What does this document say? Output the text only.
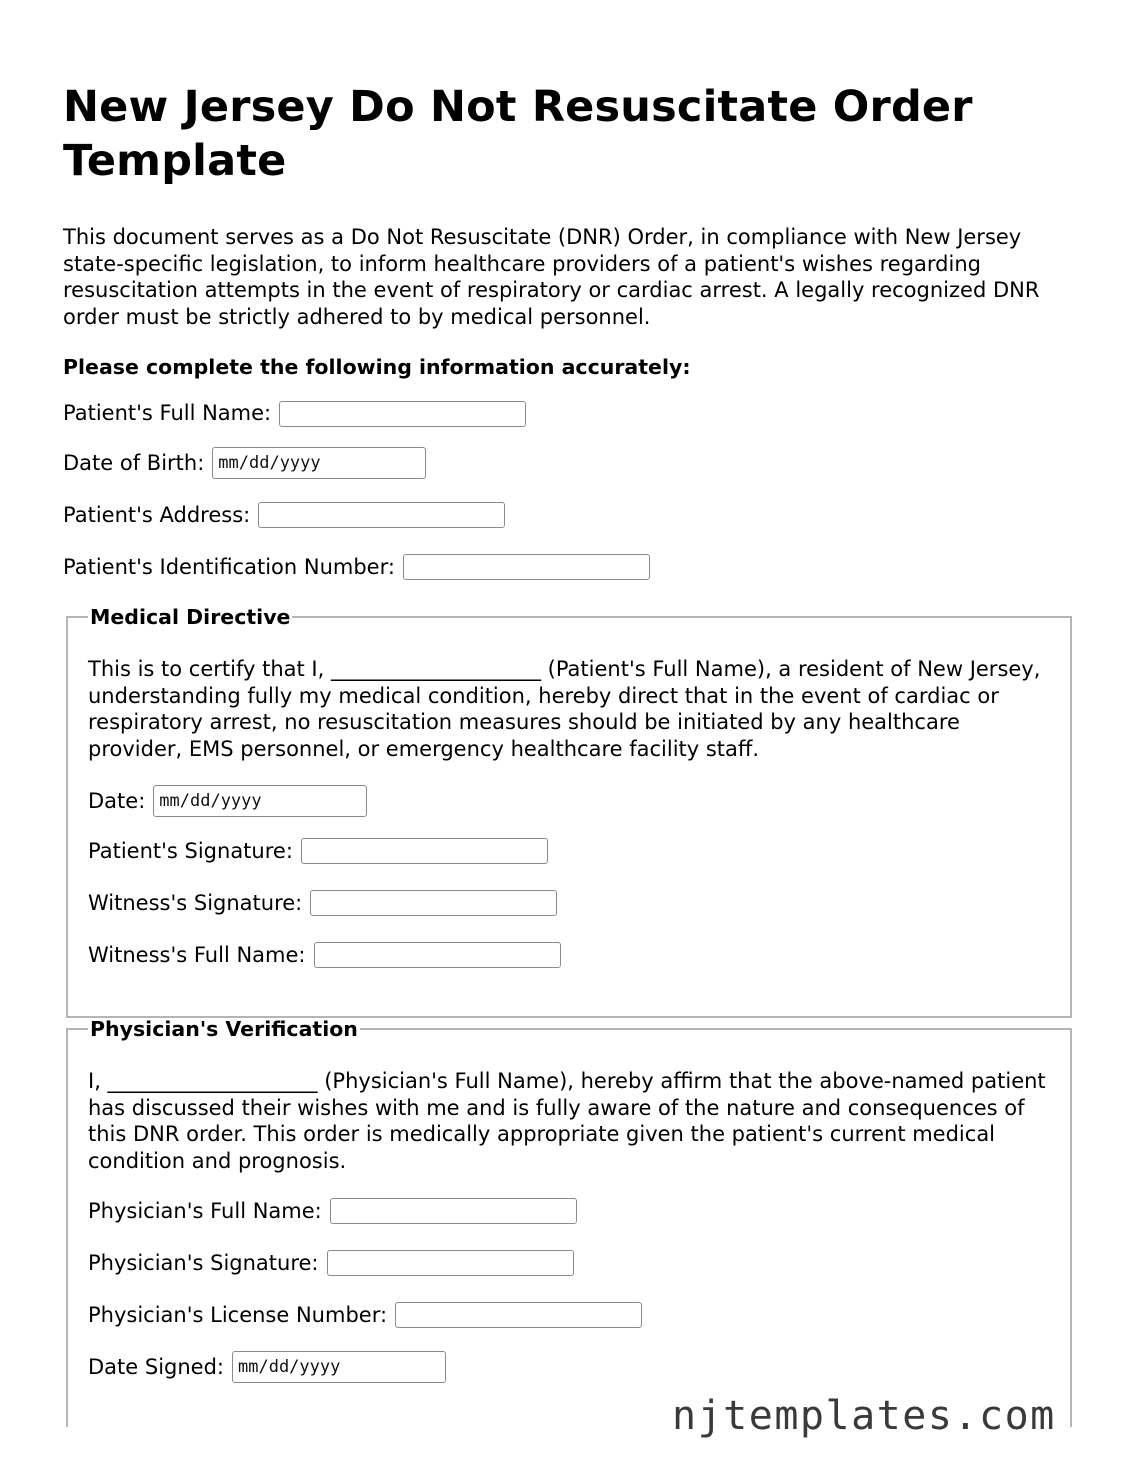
New Jersey Do Not Resuscitate Order Template

This document serves as a Do Not Resuscitate (DNR) Order, in compliance with New Jersey state-specific legislation, to inform healthcare providers of a patient's wishes regarding resuscitation attempts in the event of respiratory or cardiac arrest. A legally recognized DNR order must be strictly adhered to by medical personnel.

Please complete the following information accurately:

Patient's Full Name:
Date of Birth: mm/dd/yyyy
Patient's Address:
Patient's Identification Number:
Medical Directive

This is to certify that I, ____________________ (Patient's Full Name), a resident of New Jersey, understanding fully my medical condition, hereby direct that in the event of cardiac or respiratory arrest, no resuscitation measures should be initiated by any healthcare provider, EMS personnel, or emergency healthcare facility staff.

Date: mm/dd/yyyy
Patient's Signature:
Witness's Signature:
Witness's Full Name:
Physician's Verification

I, ____________________ (Physician's Full Name), hereby affirm that the above-named patient has discussed their wishes with me and is fully aware of the nature and consequences of this DNR order. This order is medically appropriate given the patient's current medical condition and prognosis.

Physician's Full Name:
Physician's Signature:
Physician's License Number:
Date Signed: mm/dd/yyyy
njtemplates.com
